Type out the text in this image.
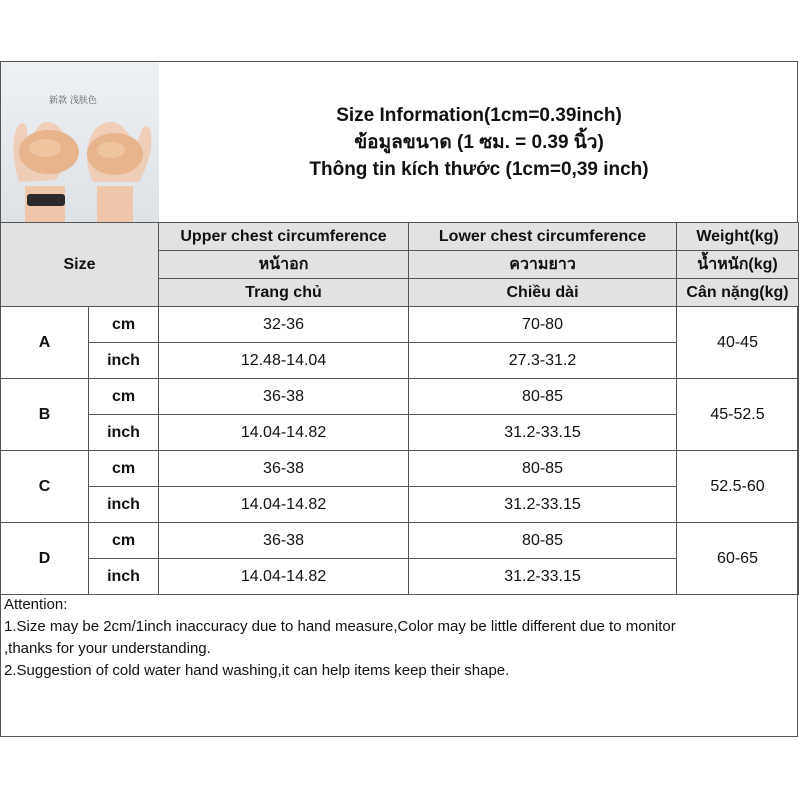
新款 浅肤色
Size Information(1cm=0.39inch)
ข้อมูลขนาด (1 ซม. = 0.39 นิ้ว)
Thông tin kích thước (1cm=0,39 inch)
Size		Upper chest circumference	Lower chest circumference	Weight(kg)
		หน้าอก	ความยาว	น้ำหนัก(kg)
		Trang chủ	Chiều dài	Cân nặng(kg)
A	cm	32-36	70-80	40-45
	inch	12.48-14.04	27.3-31.2	
B	cm	36-38	80-85	45-52.5
	inch	14.04-14.82	31.2-33.15	
C	cm	36-38	80-85	52.5-60
	inch	14.04-14.82	31.2-33.15	
D	cm	36-38	80-85	60-65
	inch	14.04-14.82	31.2-33.15	
Attention:
1.Size may be 2cm/1inch inaccuracy due to hand measure,Color may be little different due to monitor
,thanks for your understanding.
2.Suggestion of cold water hand washing,it can help items keep their shape.
